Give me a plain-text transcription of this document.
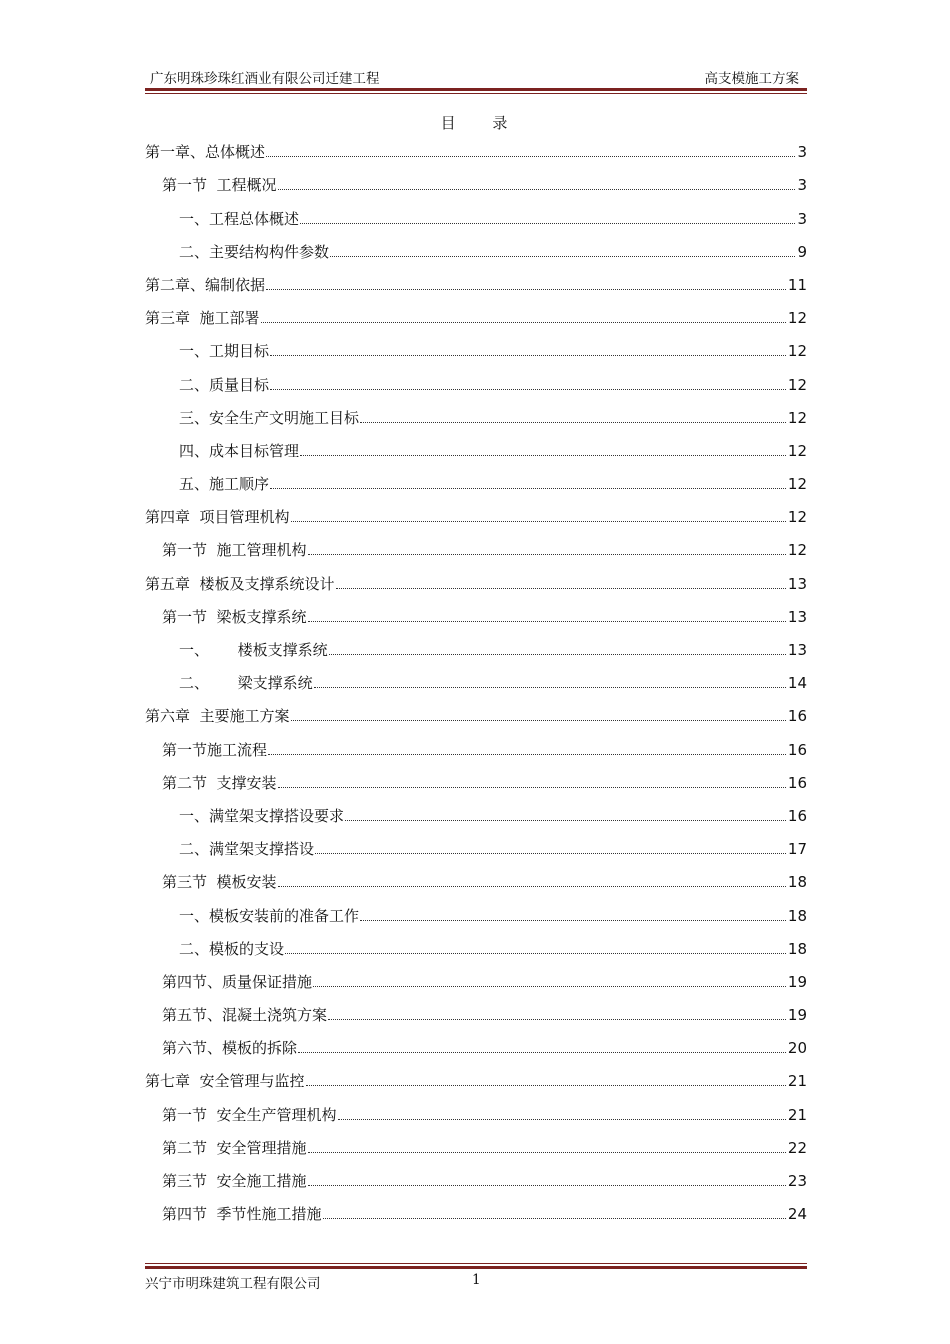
广东明珠珍珠红酒业有限公司迁建工程	高支模施工方案
目 录
第一章、总体概述	3
第一节  工程概况	3
一、工程总体概述	3
二、主要结构构件参数	9
第二章、编制依据	11
第三章  施工部署	12
一、工期目标	12
二、质量目标	12
三、安全生产文明施工目标	12
四、成本目标管理	12
五、施工顺序	12
第四章  项目管理机构	12
第一节  施工管理机构	12
第五章  楼板及支撑系统设计	13
第一节  梁板支撑系统	13
一、      楼板支撑系统	13
二、      梁支撑系统	14
第六章  主要施工方案	16
第一节施工流程	16
第二节  支撑安装	16
一、满堂架支撑搭设要求	16
二、满堂架支撑搭设	17
第三节  模板安装	18
一、模板安装前的准备工作	18
二、模板的支设	18
第四节、质量保证措施	19
第五节、混凝土浇筑方案	19
第六节、模板的拆除	20
第七章  安全管理与监控	21
第一节  安全生产管理机构	21
第二节  安全管理措施	22
第三节  安全施工措施	23
第四节  季节性施工措施	24
兴宁市明珠建筑工程有限公司	1
